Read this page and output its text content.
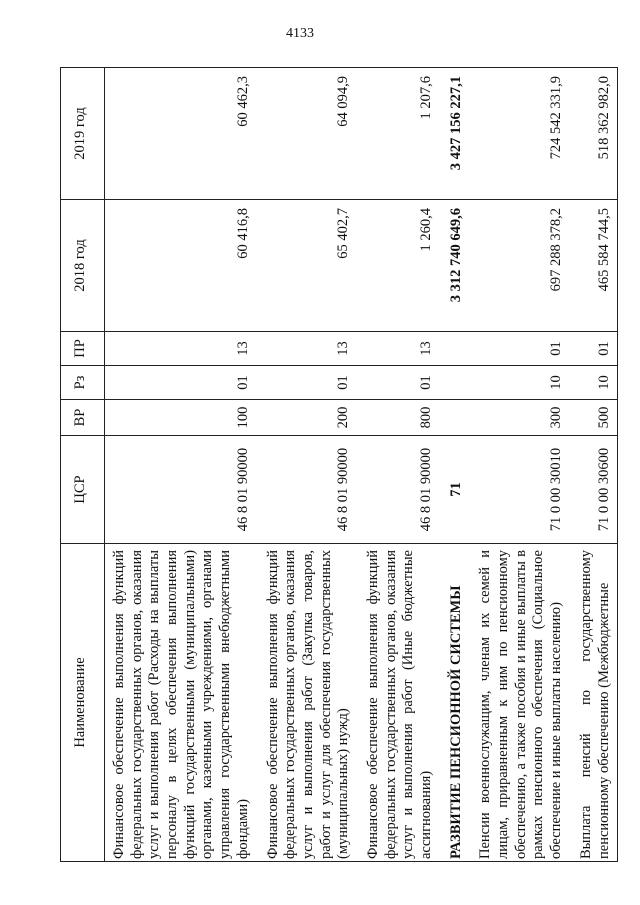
4133
Наименование	ЦСР	ВР	Рз	ПР	2018 год	2019 год
Финансовое обеспечение выполнения функций федеральных государственных органов, оказания услуг и выполнения работ (Расходы на выплаты персоналу в целях обеспечения выполнения функций государственными (муниципальными) органами, казенными учреждениями, органами управления государственными внебюджетными фондами)	46 8 01 90000	100	01	13	60 416,8	60 462,3
Финансовое обеспечение выполнения функций федеральных государственных органов, оказания услуг и выполнения работ (Закупка товаров, работ и услуг для обеспечения государственных (муниципальных) нужд)	46 8 01 90000	200	01	13	65 402,7	64 094,9
Финансовое обеспечение выполнения функций федеральных государственных органов, оказания услуг и выполнения работ (Иные бюджетные ассигнования)	46 8 01 90000	800	01	13	1 260,4	1 207,6
РАЗВИТИЕ ПЕНСИОННОЙ СИСТЕМЫ	71				3 312 740 649,6	3 427 156 227,1
Пенсии военнослужащим, членам их семей и лицам, приравненным к ним по пенсионному обеспечению, а также пособия и иные выплаты в рамках пенсионного обеспечения (Социальное обеспечение и иные выплаты населению)	71 0 00 30010	300	10	01	697 288 378,2	724 542 331,9
Выплата пенсий по государственному пенсионному обеспечению (Межбюджетные	71 0 00 30600	500	10	01	465 584 744,5	518 362 982,0
